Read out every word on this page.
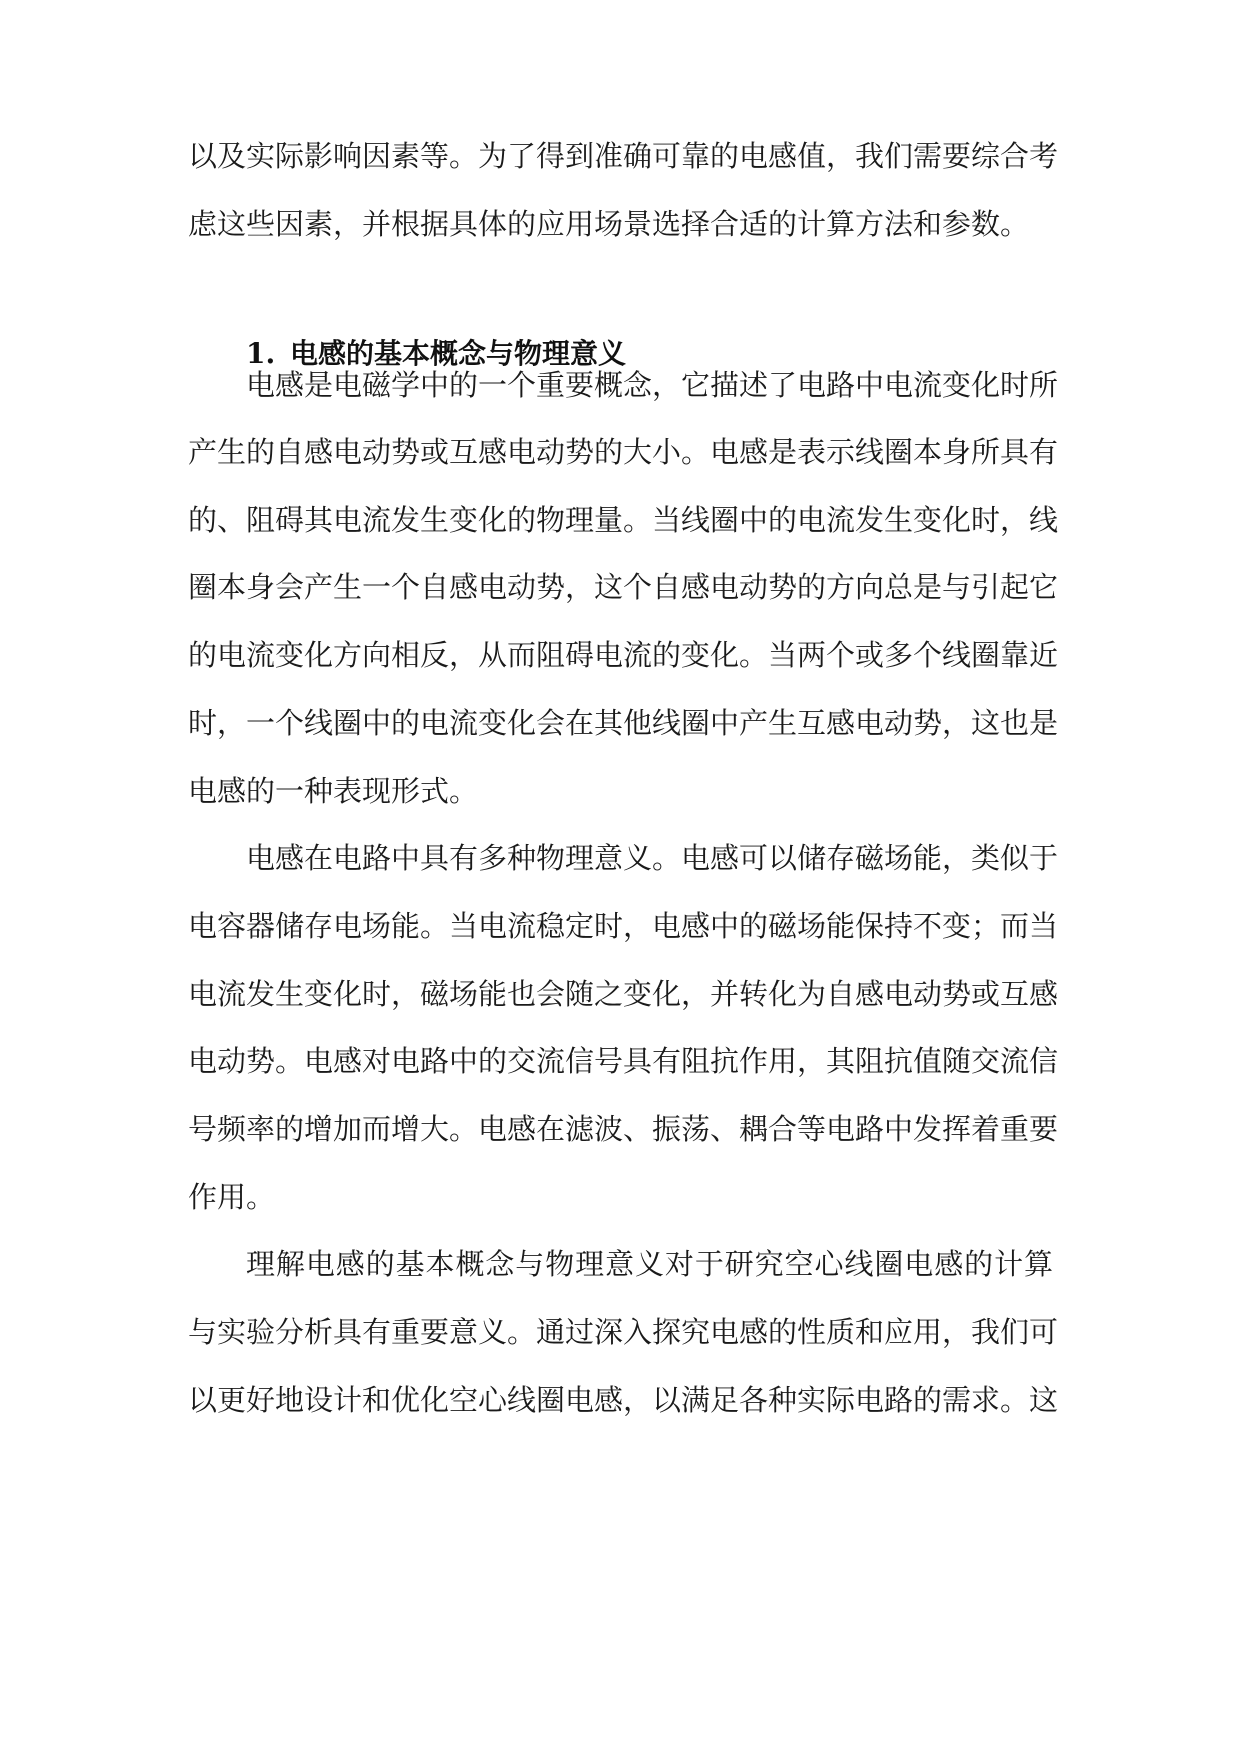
以及实际影响因素等。为了得到准确可靠的电感值，我们需要综合考
虑这些因素，并根据具体的应用场景选择合适的计算方法和参数。
1. 电感的基本概念与物理意义
电感是电磁学中的一个重要概念，它描述了电路中电流变化时所
产生的自感电动势或互感电动势的大小。电感是表示线圈本身所具有
的、阻碍其电流发生变化的物理量。当线圈中的电流发生变化时，线
圈本身会产生一个自感电动势，这个自感电动势的方向总是与引起它
的电流变化方向相反，从而阻碍电流的变化。当两个或多个线圈靠近
时，一个线圈中的电流变化会在其他线圈中产生互感电动势，这也是
电感的一种表现形式。
电感在电路中具有多种物理意义。电感可以储存磁场能，类似于
电容器储存电场能。当电流稳定时，电感中的磁场能保持不变；而当
电流发生变化时，磁场能也会随之变化，并转化为自感电动势或互感
电动势。电感对电路中的交流信号具有阻抗作用，其阻抗值随交流信
号频率的增加而增大。电感在滤波、振荡、耦合等电路中发挥着重要
作用。
理解电感的基本概念与物理意义对于研究空心线圈电感的计算
与实验分析具有重要意义。通过深入探究电感的性质和应用，我们可
以更好地设计和优化空心线圈电感，以满足各种实际电路的需求。这
